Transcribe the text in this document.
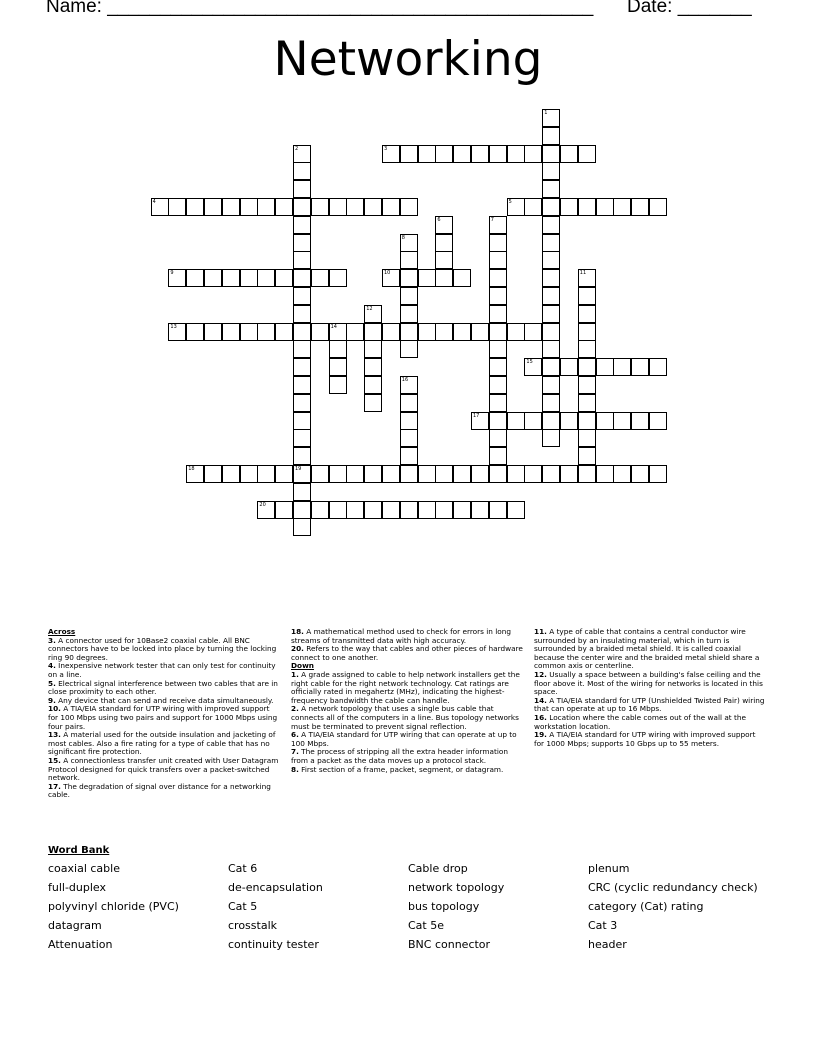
Name: ______________________________________________ Date: _______
Networking
1
2
19
3
4	5
6	7
8
9	10	11
12
13	14
15
16
17
18
20
Across
3. A connector used for 10Base2 coaxial cable. All BNC connectors have to be locked into place by turning the locking ring 90 degrees.
4. Inexpensive network tester that can only test for continuity on a line.
5. Electrical signal interference between two cables that are in close proximity to each other.
9. Any device that can send and receive data simultaneously.
10. A TIA/EIA standard for UTP wiring with improved support for 100 Mbps using two pairs and support for 1000 Mbps using four pairs.
13. A material used for the outside insulation and jacketing of most cables. Also a fire rating for a type of cable that has no significant fire protection.
15. A connectionless transfer unit created with User Datagram Protocol designed for quick transfers over a packet-switched network.
17. The degradation of signal over distance for a networking cable.
18. A mathematical method used to check for errors in long streams of transmitted data with high accuracy.
20. Refers to the way that cables and other pieces of hardware connect to one another.
Down
1. A grade assigned to cable to help network installers get the right cable for the right network technology. Cat ratings are officially rated in megahertz (MHz), indicating the highest-frequency bandwidth the cable can handle.
2. A network topology that uses a single bus cable that connects all of the computers in a line. Bus topology networks must be terminated to prevent signal reflection.
6. A TIA/EIA standard for UTP wiring that can operate at up to 100 Mbps.
7. The process of stripping all the extra header information from a packet as the data moves up a protocol stack.
8. First section of a frame, packet, segment, or datagram.
11. A type of cable that contains a central conductor wire surrounded by an insulating material, which in turn is surrounded by a braided metal shield. It is called coaxial because the center wire and the braided metal shield share a common axis or centerline.
12. Usually a space between a building's false ceiling and the floor above it. Most of the wiring for networks is located in this space.
14. A TIA/EIA standard for UTP (Unshielded Twisted Pair) wiring that can operate at up to 16 Mbps.
16. Location where the cable comes out of the wall at the workstation location.
19. A TIA/EIA standard for UTP wiring with improved support for 1000 Mbps; supports 10 Gbps up to 55 meters.
Word Bank
coaxial cable	Cat 6	Cable drop	plenum
full-duplex	de-encapsulation	network topology	CRC (cyclic redundancy check)
polyvinyl chloride (PVC)	Cat 5	bus topology	category (Cat) rating
datagram	crosstalk	Cat 5e	Cat 3
Attenuation	continuity tester	BNC connector	header
